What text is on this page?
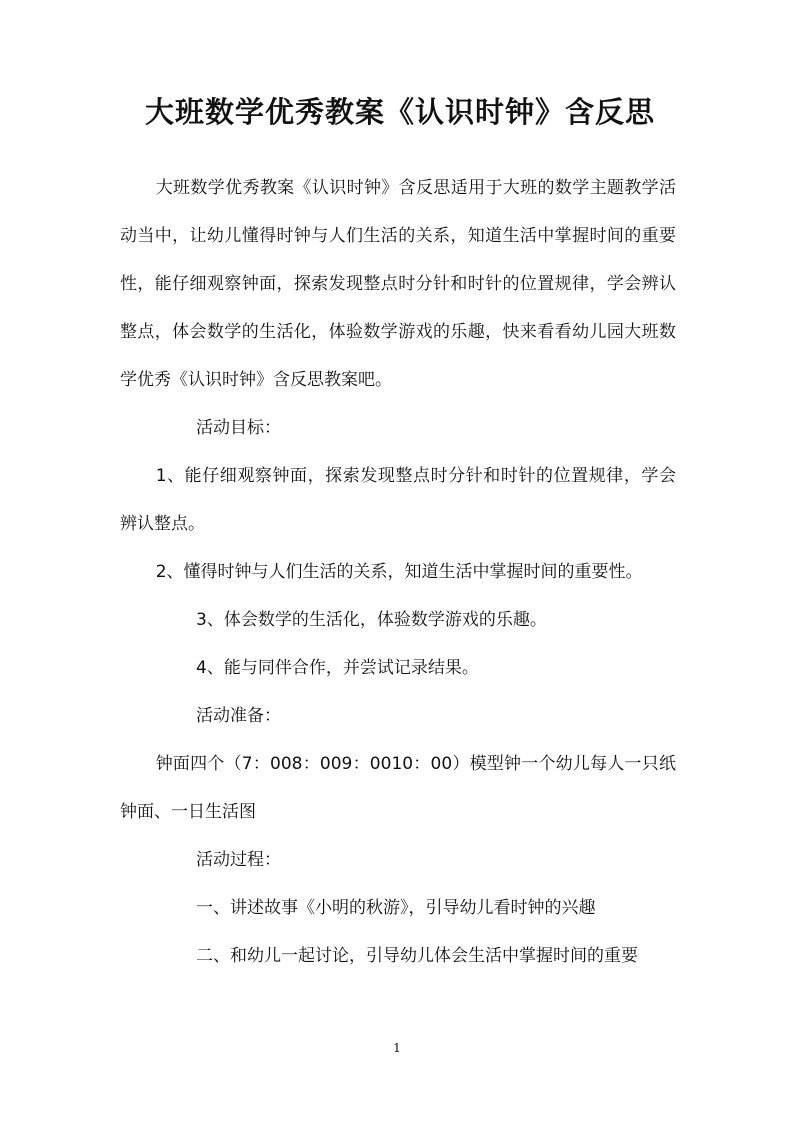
大班数学优秀教案《认识时钟》含反思

大班数学优秀教案《认识时钟》含反思适用于大班的数学主题教学活动当中，让幼儿懂得时钟与人们生活的关系，知道生活中掌握时间的重要性，能仔细观察钟面，探索发现整点时分针和时针的位置规律，学会辨认整点，体会数学的生活化，体验数学游戏的乐趣，快来看看幼儿园大班数学优秀《认识时钟》含反思教案吧。

活动目标：

1、能仔细观察钟面，探索发现整点时分针和时针的位置规律，学会辨认整点。

2、懂得时钟与人们生活的关系，知道生活中掌握时间的重要性。

3、体会数学的生活化，体验数学游戏的乐趣。

4、能与同伴合作，并尝试记录结果。

活动准备：

钟面四个（7：008：009：0010：00）模型钟一个幼儿每人一只纸钟面、一日生活图

活动过程：

一、讲述故事《小明的秋游》，引导幼儿看时钟的兴趣

二、和幼儿一起讨论，引导幼儿体会生活中掌握时间的重要

1
